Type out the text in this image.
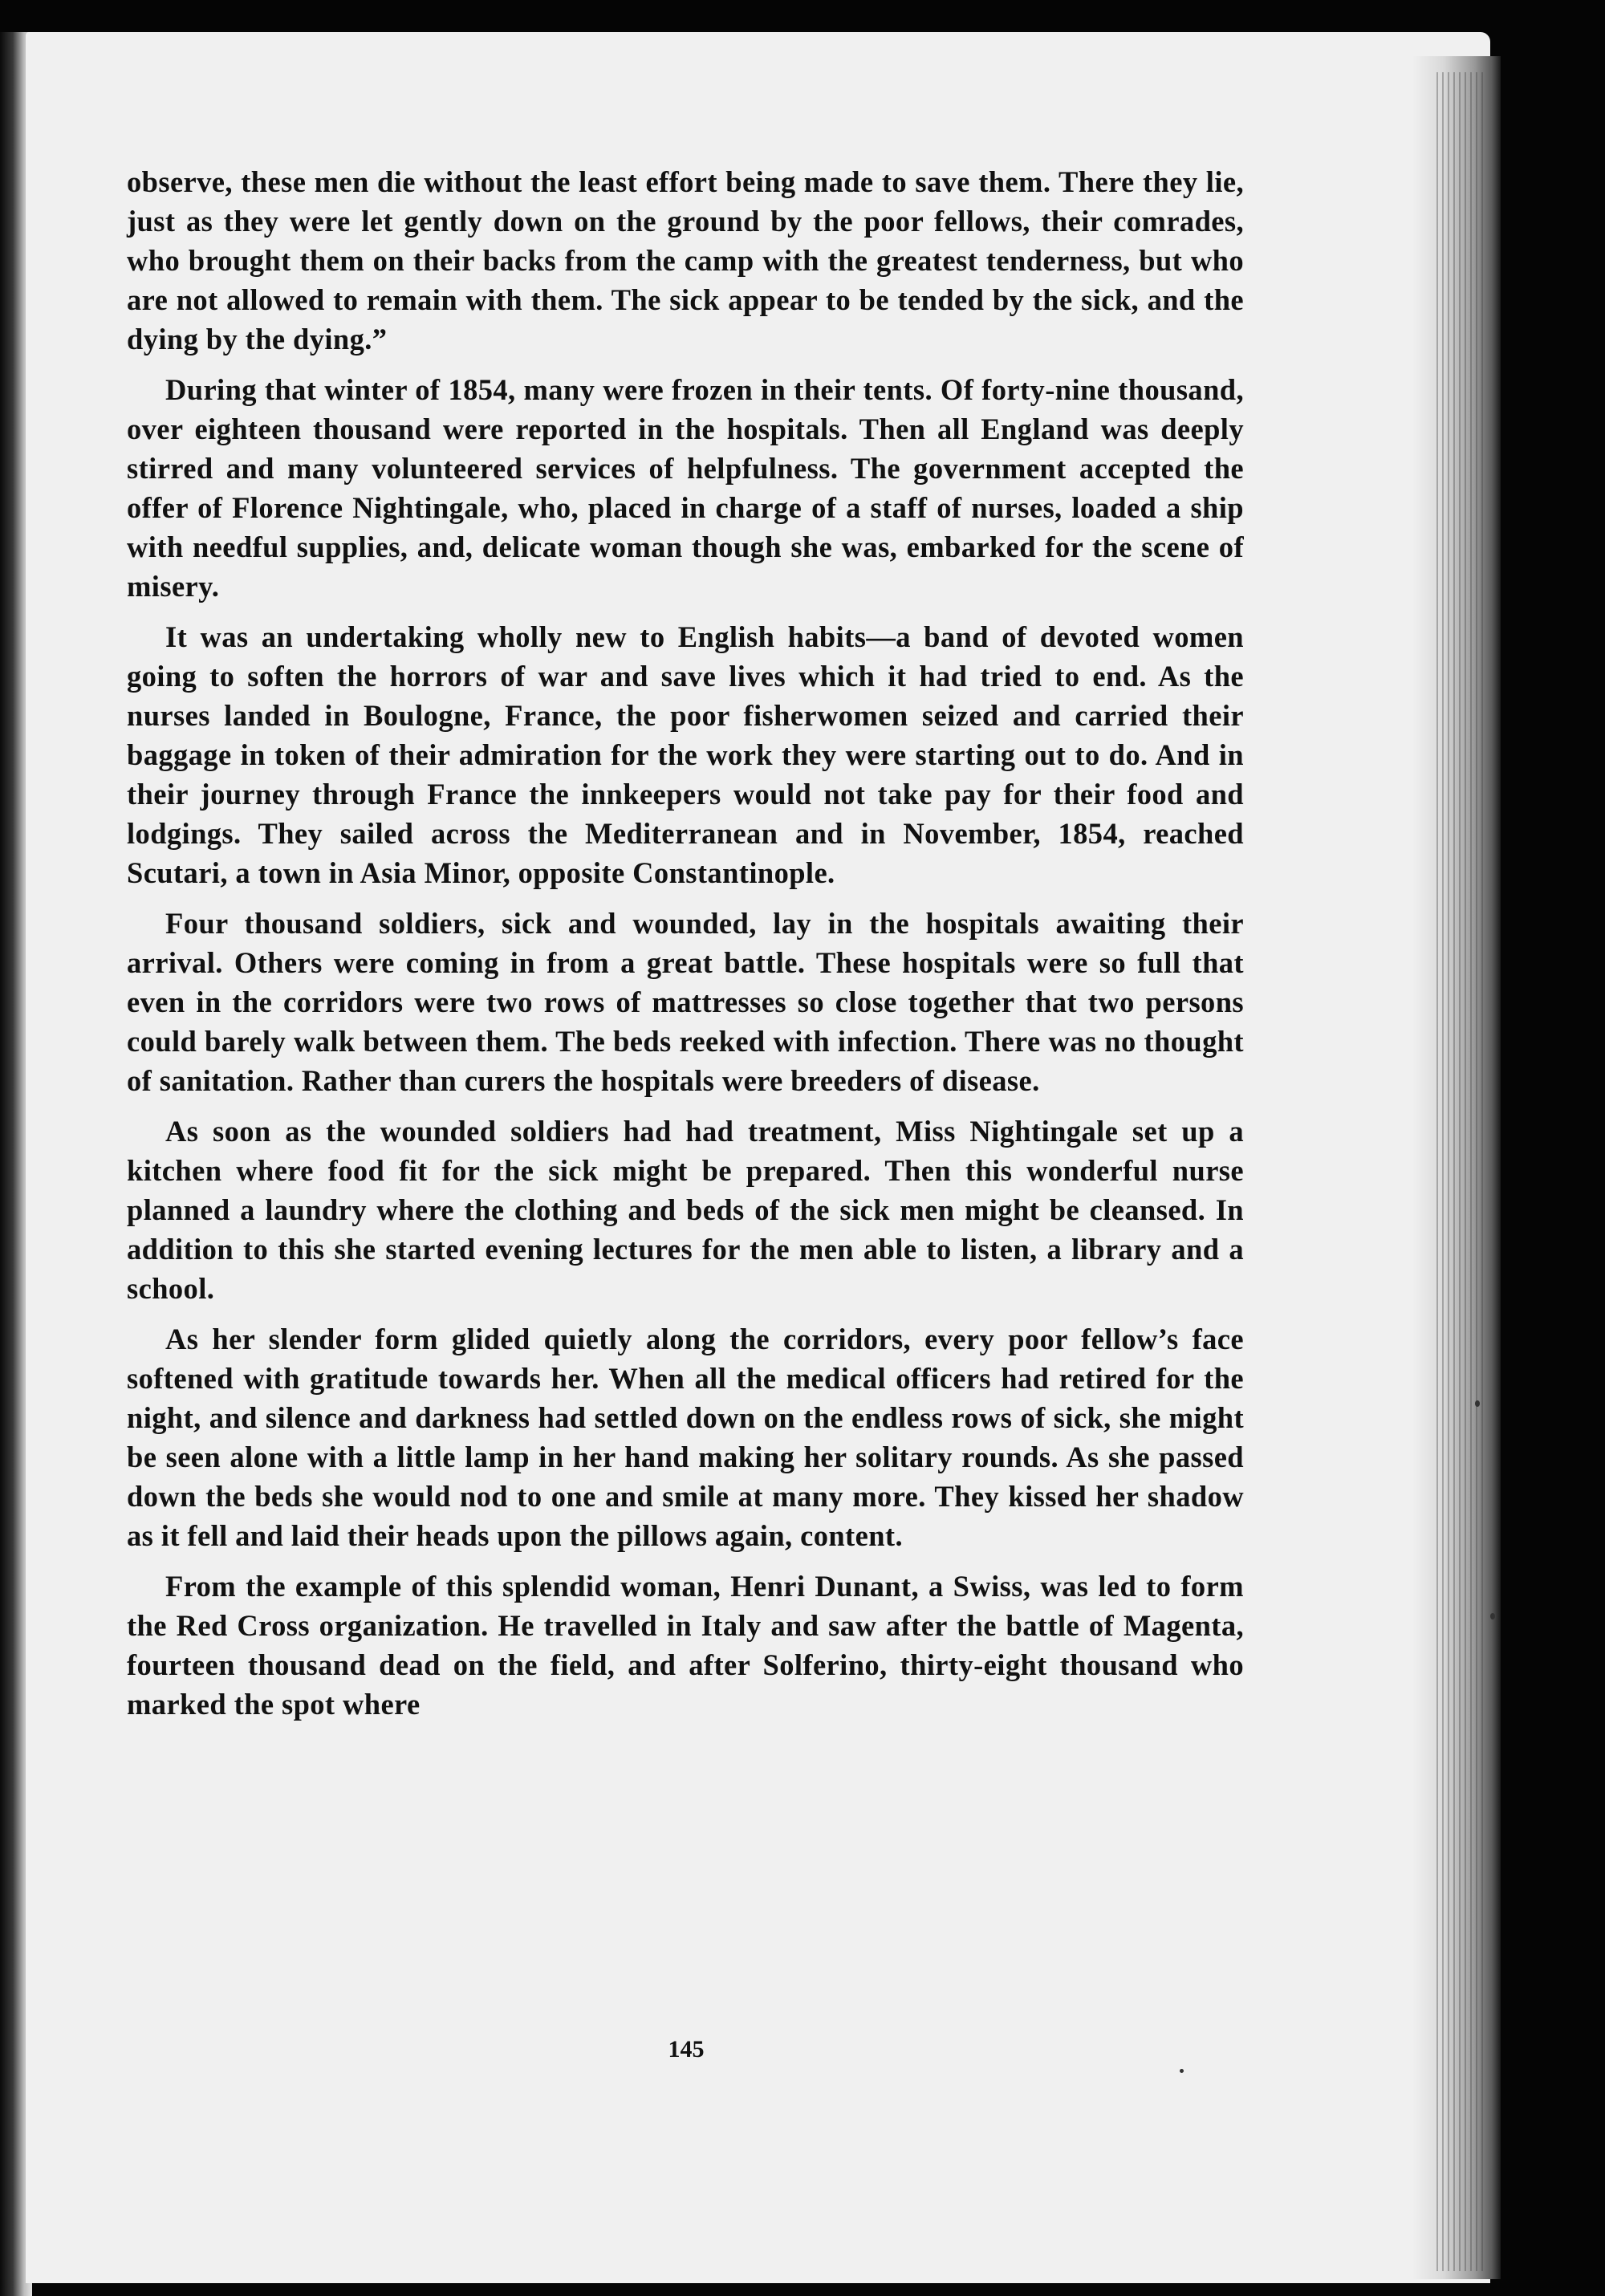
observe, these men die without the least effort being made to save them. There they lie, just as they were let gently down on the ground by the poor fellows, their comrades, who brought them on their backs from the camp with the greatest tenderness, but who are not allowed to remain with them. The sick appear to be tended by the sick, and the dying by the dying.”

During that winter of 1854, many were frozen in their tents. Of forty-nine thousand, over eighteen thousand were reported in the hospitals. Then all England was deeply stirred and many volunteered services of helpfulness. The government accepted the offer of Florence Nightingale, who, placed in charge of a staff of nurses, loaded a ship with needful supplies, and, delicate woman though she was, embarked for the scene of misery.

It was an undertaking wholly new to English habits—a band of devoted women going to soften the horrors of war and save lives which it had tried to end. As the nurses landed in Boulogne, France, the poor fisherwomen seized and carried their baggage in token of their admiration for the work they were starting out to do. And in their journey through France the innkeepers would not take pay for their food and lodgings. They sailed across the Mediterranean and in November, 1854, reached Scutari, a town in Asia Minor, opposite Constantinople.

Four thousand soldiers, sick and wounded, lay in the hospitals awaiting their arrival. Others were coming in from a great battle. These hospitals were so full that even in the corridors were two rows of mattresses so close together that two persons could barely walk between them. The beds reeked with infection. There was no thought of sanitation. Rather than curers the hospitals were breeders of disease.

As soon as the wounded soldiers had had treatment, Miss Nightingale set up a kitchen where food fit for the sick might be prepared. Then this wonderful nurse planned a laundry where the clothing and beds of the sick men might be cleansed. In addition to this she started evening lectures for the men able to listen, a library and a school.

As her slender form glided quietly along the corridors, every poor fellow’s face softened with gratitude towards her. When all the medical officers had retired for the night, and silence and darkness had settled down on the endless rows of sick, she might be seen alone with a little lamp in her hand making her solitary rounds. As she passed down the beds she would nod to one and smile at many more. They kissed her shadow as it fell and laid their heads upon the pillows again, content.

From the example of this splendid woman, Henri Dunant, a Swiss, was led to form the Red Cross organization. He travelled in Italy and saw after the battle of Magenta, fourteen thousand dead on the field, and after Solferino, thirty-eight thousand who marked the spot where

145
